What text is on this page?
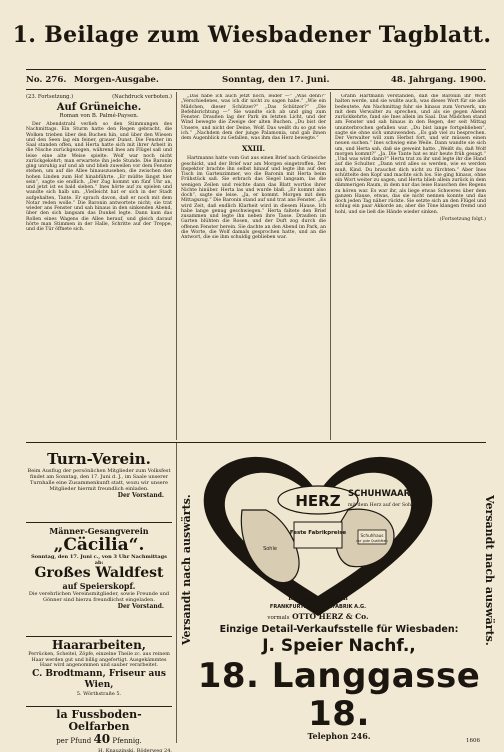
1. Beilage zum Wiesbadener Tagblatt.
No. 276. Morgen-Ausgabe.	Sonntag, den 17. Juni.	48. Jahrgang. 1900.
(23. Fortsetzung.)	(Nachdruck verboten.)
Auf Grüneiche.
Roman von B. Palmé-Paysen.

Der Abendstrahl verlieh so den Stimmungen des Nachmittags. Ein Sturm hatte den Regen gebracht, die Wolken trieben über den Buchen hin, und über den Wiesen und den Seen lag ein feiner, grauer Dunst. Die Fenster im Saal standen offen, und Herta hatte sich mit ihrer Arbeit in die Nische zurückgezogen, während Ines am Flügel saß und leise eine alte Weise spielte. Wolf war noch nicht zurückgekehrt; man erwartete ihn jede Stunde. Die Baronin ging unruhig auf und ab und blieb zuweilen vor dem Fenster stehen, um auf die Allee hinauszusehen, die zwischen den hohen Linden zum Hof hinabführte. „Er müßte längst hier sein“, sagte sie endlich. „Der Zug kommt um fünf Uhr an, und jetzt ist es bald sieben.“ Ines hörte auf zu spielen und wandte sich halb um. „Vielleicht hat er sich in der Stadt aufgehalten, Tante. Er sprach davon, daß er noch mit dem Notar reden wolle.“ Die Baronin antwortete nicht; sie trat wieder ans Fenster und sah hinaus in den sinkenden Abend, über den sich langsam das Dunkel legte. Dann kam das Rollen eines Wagens die Allee herauf, und gleich darauf hörte man Stimmen in der Halle, Schritte auf der Treppe, und die Tür öffnete sich.

„Das habe ich auch jetzt noch, leider —“ „Was denn?“ „Verschiedenes, was ich dir nicht zu sagen habe.“ „Wie ein Mädchen, dieser Schützer?“ „Das Schützer?“ „Die Befehlsrichtung —“ Sie wandte sich ab und ging zum Fenster. Draußen lag der Park im letzten Licht, und der Wind bewegte die Zweige der alten Buchen. „Du bist der Unsere, und nicht der Deine, Wolf. Das weißt du so gut wie ich.“ „Nachdem dem der junge Palamonia, und gab ihnen dem Augenblick zu Gefallen, was ihm das Herz bewegte.“

XXIII.

Hartmanns hatte vom Gut aus einen Brief nach Grüneiche geschickt, und der Brief war am Morgen eingetroffen. Der Inspektor brachte ihn selbst hinauf und legte ihn auf den Tisch im Gartenzimmer, wo die Baronin mit Herta beim Frühstück saß. Sie erbrach das Siegel langsam, las die wenigen Zeilen und reichte dann das Blatt wortlos ihrer Nichte hinüber. Herta las und wurde blaß. „Er kommt also doch“, sagte sie leise. „Ja, er kommt. Morgen mit dem Mittagszug.“ Die Baronin stand auf und trat ans Fenster. „Es wird Zeit, daß endlich Klarheit wird in diesem Hause. Ich habe lange genug geschwiegen.“ Herta faltete den Brief zusammen und legte ihn neben ihre Tasse. Draußen im Garten blühten die Rosen, und der Duft zog durch die offenen Fenster herein. Sie dachte an den Abend im Park, an die Worte, die Wolf damals gesprochen hatte, und an die Antwort, die sie ihm schuldig geblieben war.

Gräfin Hartmann verstanden, daß die Baronin ihr Wort halten werde, und sie wußte auch, was dieses Wort für sie alle bedeutete. Am Nachmittag fuhr sie hinaus zum Vorwerk, um mit dem Verwalter zu sprechen, und als sie gegen Abend zurückkehrte, fand sie Ines allein im Saal. Das Mädchen stand am Fenster und sah hinaus in den Regen, der seit Mittag ununterbrochen gefallen war. „Du bist lange fortgeblieben“, sagte sie ohne sich umzuwenden. „Es gab viel zu besprechen. Der Verwalter will zum Herbst fort, und wir müssen einen neuen suchen.“ Ines schwieg eine Weile. Dann wandte sie sich um, und Herta sah, daß sie geweint hatte. „Weißt du, daß Wolf morgen kommt?“ „Ja. Die Tante hat es mir heute früh gesagt.“ „Und was wird dann?“ Herta trat zu ihr und legte ihr die Hand auf die Schulter. „Dann wird alles so werden, wie es werden muß, Kind. Du brauchst dich nicht zu fürchten.“ Aber Ines schüttelte den Kopf und machte sich los. Sie ging hinaus, ohne ein Wort weiter zu sagen, und Herta blieb allein zurück in dem dämmerigen Raum, in dem nur das leise Rauschen des Regens zu hören war. Es war ihr, als liege etwas Schweres über dem ganzen Hause, etwas, das sie nicht nennen konnte und das doch jeden Tag näher rückte. Sie setzte sich an den Flügel und schlug ein paar Akkorde an; aber die Töne klangen fremd und hohl, und sie ließ die Hände wieder sinken.

(Fortsetzung folgt.)
Turn-Verein.
Beim Ausflug der persönlichen Mitglieder zum Volksfest findet am Sonntag, den 17. Juni d. J., im Saale unserer Turnhalle eine Zusammenkunft statt, wozu wir unsere Mitglieder hiermit freundlich einladen.
Der Vorstand.
Männer-Gesangverein
„Cäcilia“.
Sonntag, den 17. Juni c., von 3 Uhr Nachmittags ab:
Großes Waldfest
auf Speierskopf.
Die verehrlichen Vereinsmitglieder, sowie Freunde und Gönner sind hierzu freundlichst eingeladen.
Der Vorstand.
Haararbeiten,
Perrücken, Scheitel, Zöpfe, einzelne Theile zc. aus reinem Haar werden gut und billig angefertigt. Ausgekämmtes Haar wird angenommen und sauber verarbeitet.
C. Brodtmann, Friseur aus Wien,
5. Wörthstraße 5.
la Fussboden-Oelfarben
per Pfund 40 Pfennig.
H. Knauzinski, Röderweg 24.
Versandt nach auswärts.	Versandt nach auswärts.
HERZ SCHUHWAAREN
mit dem Herz auf der Sohle
Sohle
Feste Fabrikpreise	Schuhhaus
nur gute Qualitäten
En gros & en detail
FRANKFURTER SCHUHFABRIK A.G.
vormals OTTO HERZ & Co.
Einzige Detail-Verkaufsstelle für Wiesbaden:
J. Speier Nachf.,
18. Langgasse 18.
Telephon 246.	1606
